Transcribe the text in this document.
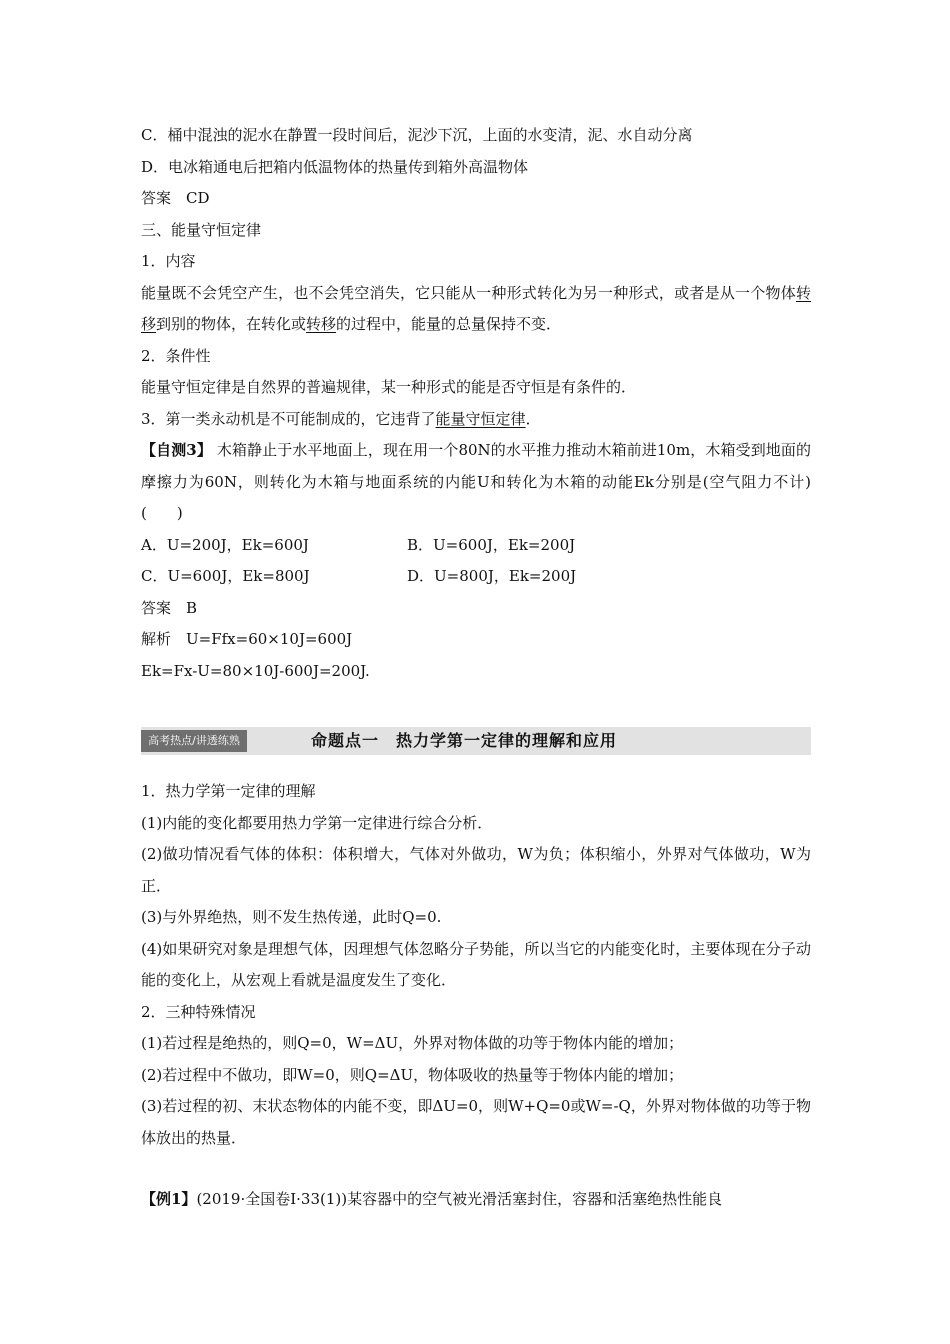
C．桶中混浊的泥水在静置一段时间后，泥沙下沉，上面的水变清，泥、水自动分离
D．电冰箱通电后把箱内低温物体的热量传到箱外高温物体
答案　CD
三、能量守恒定律
1．内容
能量既不会凭空产生，也不会凭空消失，它只能从一种形式转化为另一种形式，或者是从一个物体转移到别的物体，在转化或转移的过程中，能量的总量保持不变．
2．条件性
能量守恒定律是自然界的普遍规律，某一种形式的能是否守恒是有条件的．
3．第一类永动机是不可能制成的，它违背了能量守恒定律．
【自测3】 木箱静止于水平地面上，现在用一个80N的水平推力推动木箱前进10m，木箱受到地面的摩擦力为60N，则转化为木箱与地面系统的内能U和转化为木箱的动能Ek分别是(空气阻力不计)(　　)
A．U=200J，Ek=600J	B．U=600J，Ek=200J
C．U=600J，Ek=800J	D．U=800J，Ek=200J
答案　B
解析　U=Ffx=60×10J=600J
Ek=Fx-U=80×10J-600J=200J.
高考热点/讲透练熟	命题点一　热力学第一定律的理解和应用
1．热力学第一定律的理解
(1)内能的变化都要用热力学第一定律进行综合分析．
(2)做功情况看气体的体积：体积增大，气体对外做功，W为负；体积缩小，外界对气体做功，W为正．
(3)与外界绝热，则不发生热传递，此时Q=0.
(4)如果研究对象是理想气体，因理想气体忽略分子势能，所以当它的内能变化时，主要体现在分子动能的变化上，从宏观上看就是温度发生了变化．
2．三种特殊情况
(1)若过程是绝热的，则Q=0，W=ΔU，外界对物体做的功等于物体内能的增加；
(2)若过程中不做功，即W=0，则Q=ΔU，物体吸收的热量等于物体内能的增加；
(3)若过程的初、末状态物体的内能不变，即ΔU=0，则W+Q=0或W=-Q，外界对物体做的功等于物体放出的热量．
【例1】(2019·全国卷Ⅰ·33(1))某容器中的空气被光滑活塞封住，容器和活塞绝热性能良
